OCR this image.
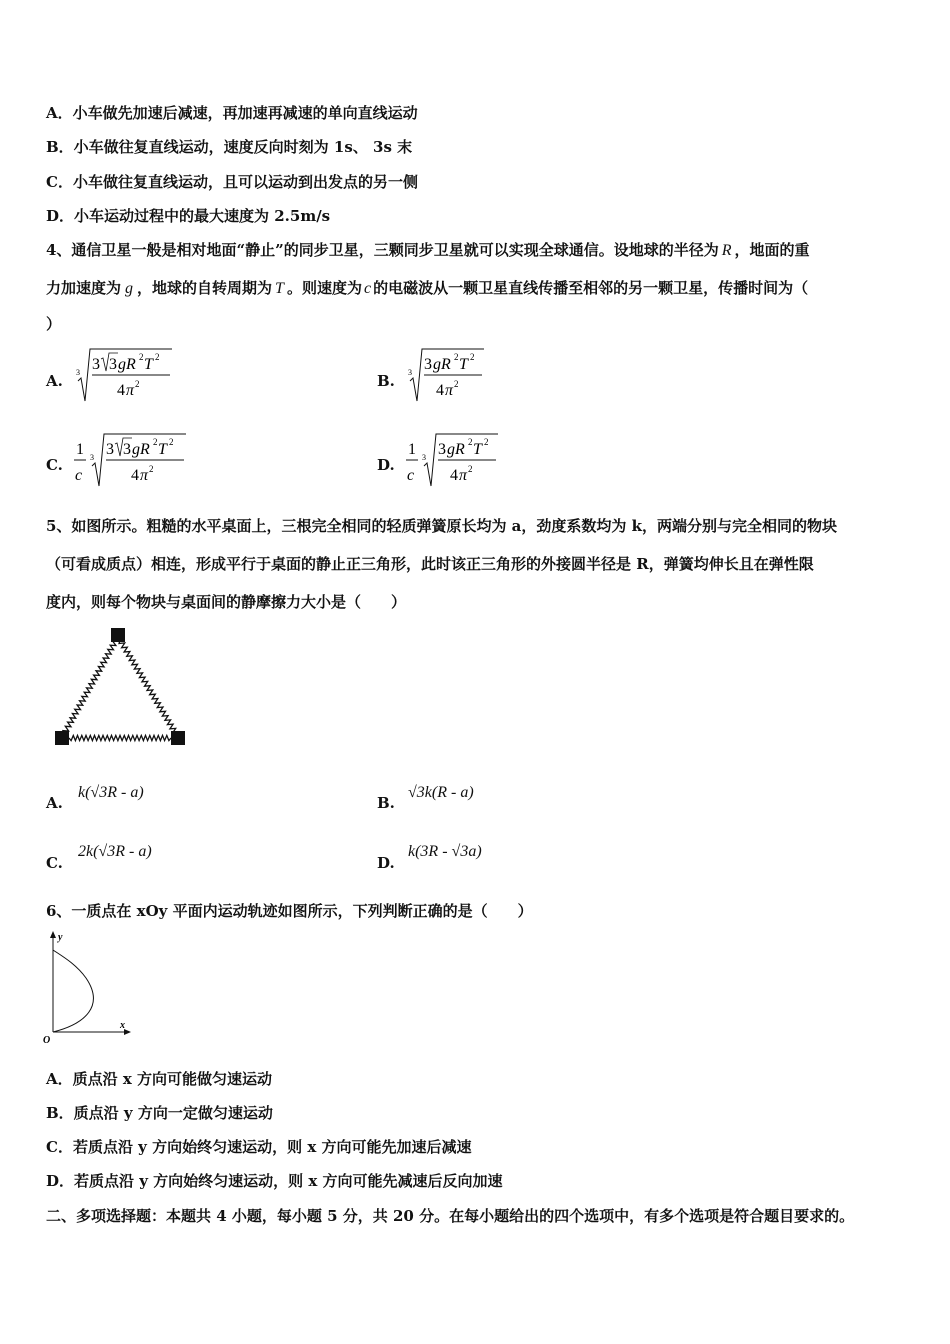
A．小车做先加速后减速，再加速再减速的单向直线运动
B．小车做往复直线运动，速度反向时刻为 1s、 3s 末
C．小车做往复直线运动，且可以运动到出发点的另一侧
D．小车运动过程中的最大速度为 2.5m/s
4、通信卫星一般是相对地面“静止”的同步卫星，三颗同步卫星就可以实现全球通信。设地球的半径为 R ，地面的重
力加速度为 g ，地球的自转周期为 T 。则速度为 c 的电磁波从一颗卫星直线传播至相邻的另一颗卫星，传播时间为（
）
A.	B.
C.	D.
3 3 3 gR 2 T 2
4 π 2
3 3 gR 2 T 2
4 π 2
1
c
3 3 3 gR 2 T 2
4 π 2
1
c
3 3 gR 2 T 2
4 π 2
5、如图所示。粗糙的水平桌面上，三根完全相同的轻质弹簧原长均为 a，劲度系数均为 k，两端分别与完全相同的物块
（可看成质点）相连，形成平行于桌面的静止正三角形，此时该正三角形的外接圆半径是 R，弹簧均伸长且在弹性限
度内，则每个物块与桌面间的静摩擦力大小是（　　）
A.
k(√3R - a)
B.
√3k(R - a)
C.
2k(√3R - a)
D.
k(3R - √3a)
6、一质点在 xOy 平面内运动轨迹如图所示，下列判断正确的是（　　）
y
x
O
A．质点沿 x 方向可能做匀速运动
B．质点沿 y 方向一定做匀速运动
C．若质点沿 y 方向始终匀速运动，则 x 方向可能先加速后减速
D．若质点沿 y 方向始终匀速运动，则 x 方向可能先减速后反向加速
二、多项选择题：本题共 4 小题，每小题 5 分，共 20 分。在每小题给出的四个选项中，有多个选项是符合题目要求的。
